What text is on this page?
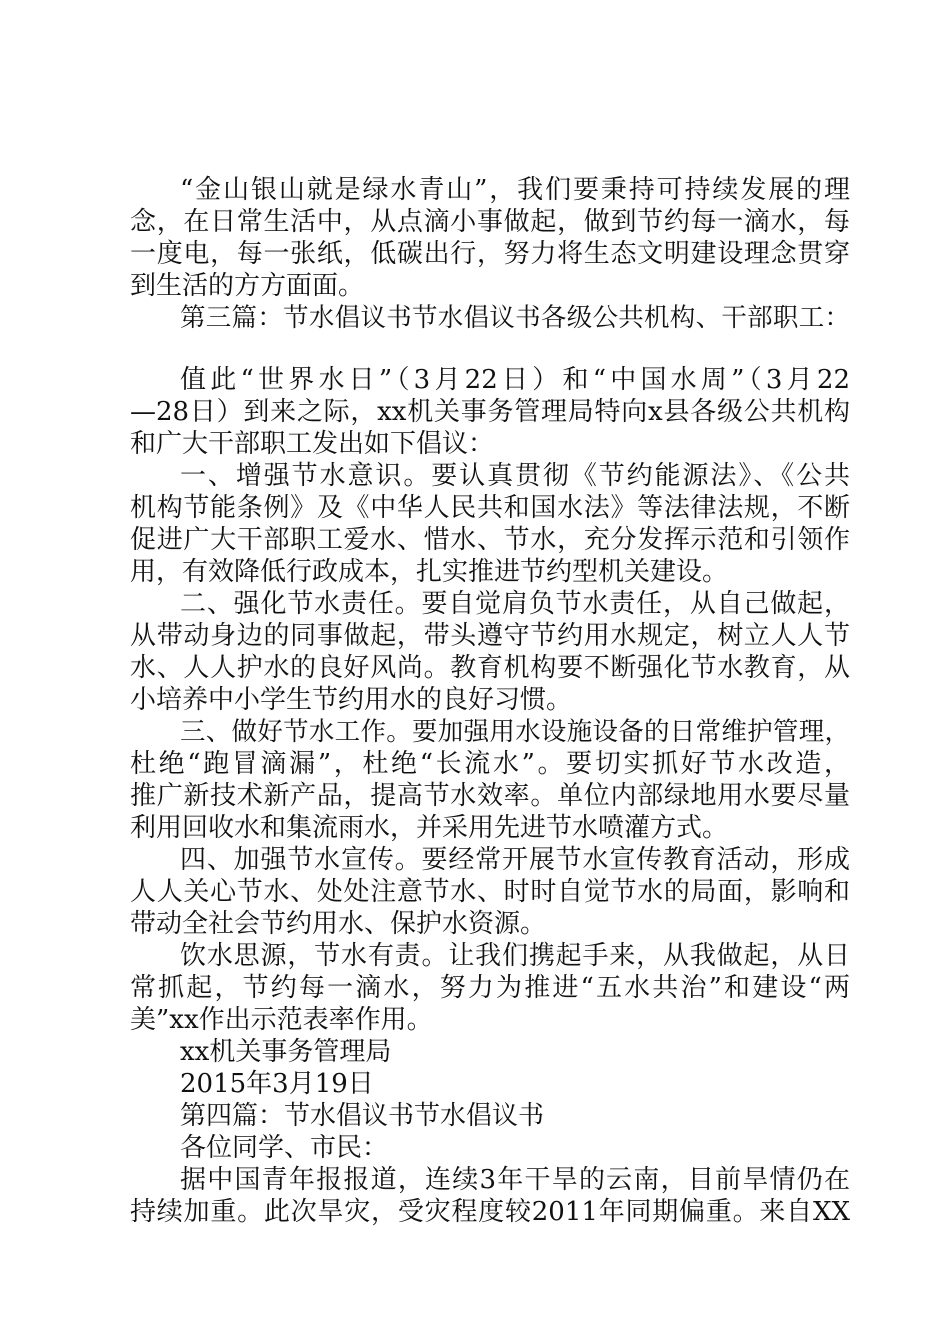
“金山银山就是绿水青山”，我们要秉持可持续发展的理
念，在日常生活中，从点滴小事做起，做到节约每一滴水，每
一度电，每一张纸，低碳出行，努力将生态文明建设理念贯穿
到生活的方方面面。
第三篇：节水倡议书节水倡议书各级公共机构、干部职工：
值此“世界水日”（3月22日）和“中国水周”（3月22
—28日）到来之际，xx机关事务管理局特向x县各级公共机构
和广大干部职工发出如下倡议：
一、增强节水意识。要认真贯彻《节约能源法》、《公共
机构节能条例》及《中华人民共和国水法》等法律法规，不断
促进广大干部职工爱水、惜水、节水，充分发挥示范和引领作
用，有效降低行政成本，扎实推进节约型机关建设。
二、强化节水责任。要自觉肩负节水责任，从自己做起，
从带动身边的同事做起，带头遵守节约用水规定，树立人人节
水、人人护水的良好风尚。教育机构要不断强化节水教育，从
小培养中小学生节约用水的良好习惯。
三、做好节水工作。要加强用水设施设备的日常维护管理，
杜绝“跑冒滴漏”，杜绝“长流水”。要切实抓好节水改造，
推广新技术新产品，提高节水效率。单位内部绿地用水要尽量
利用回收水和集流雨水，并采用先进节水喷灌方式。
四、加强节水宣传。要经常开展节水宣传教育活动，形成
人人关心节水、处处注意节水、时时自觉节水的局面，影响和
带动全社会节约用水、保护水资源。
饮水思源，节水有责。让我们携起手来，从我做起，从日
常抓起，节约每一滴水，努力为推进“五水共治”和建设“两
美”xx作出示范表率作用。
xx机关事务管理局
2015年3月19日
第四篇：节水倡议书节水倡议书
各位同学、市民：
据中国青年报报道，连续3年干旱的云南，目前旱情仍在
持续加重。此次旱灾，受灾程度较2011年同期偏重。来自XX
